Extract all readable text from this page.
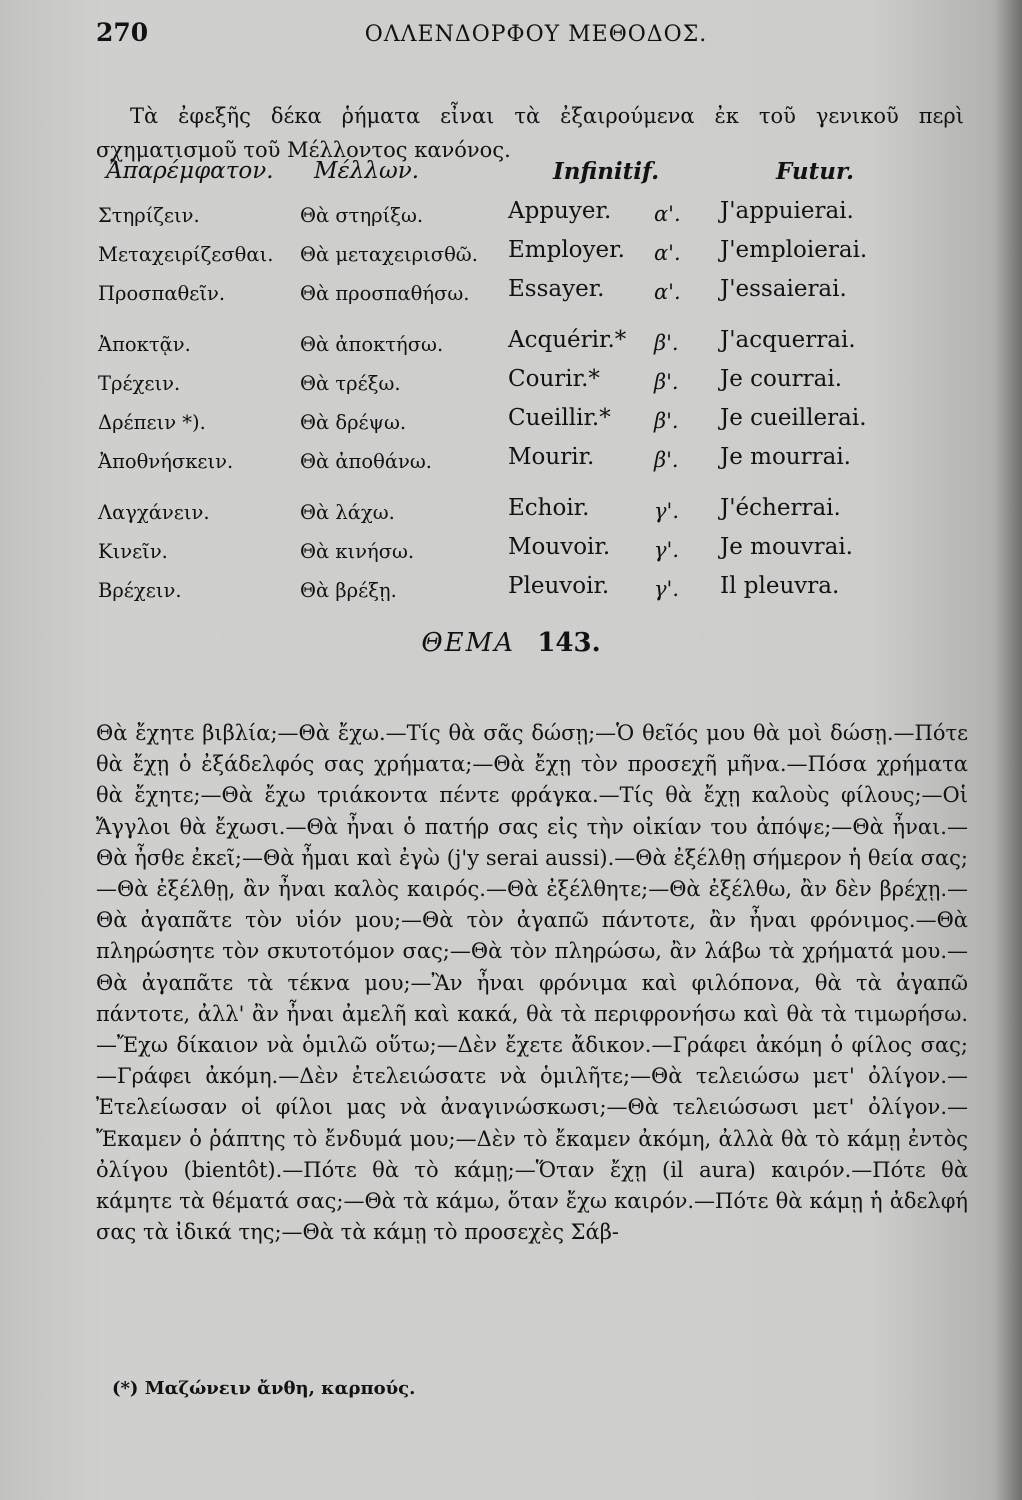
270	ΟΛΛΕΝΔΟΡΦΟΥ ΜΕΘΟΔΟΣ.

Τὰ ἐφεξῆς δέκα ῥήματα εἶναι τὰ ἐξαιρούμενα ἐκ τοῦ γενικοῦ περὶ σχηματισμοῦ τοῦ Μέλλοντος κανόνος.

Ἀπαρέμφατον. Μέλλων.	Infinitif.	Futur.
Στηρίζειν.	Θὰ στηρίξω.	Appuyer. α'. J'appuierai.
Μεταχειρίζεσθαι. Θὰ μεταχειρισθῶ. Employer. α'. J'emploierai.
Προσπαθεῖν.	Θὰ προσπαθήσω. Essayer. α'. J'essaierai.
Ἀποκτᾷν.	Θὰ ἀποκτήσω.	Acquérir.* β'. J'acquerrai.
Τρέχειν.	Θὰ τρέξω.	Courir.*	β'. Je courrai.
Δρέπειν *).	Θὰ δρέψω.	Cueillir.* β'. Je cueillerai.
Ἀποθνήσκειν.	Θὰ ἀποθάνω.	Mourir.	β'. Je mourrai.
Λαγχάνειν.	Θὰ λάχω.	Echoir.	γ'. J'écherrai.
Κινεῖν.	Θὰ κινήσω.	Mouvoir. γ'. Je mouvrai.
Βρέχειν.	Θὰ βρέξῃ.	Pleuvoir. γ'. Il pleuvra.
ΘΕΜΑ 143.

Θὰ ἔχητε βιβλία;—Θὰ ἔχω.—Τίς θὰ σᾶς δώσῃ;—Ὁ θεῖός μου θὰ μοὶ δώσῃ.—Πότε θὰ ἔχῃ ὁ ἐξάδελφός σας χρήματα;—Θὰ ἔχῃ τὸν προσεχῆ μῆνα.—Πόσα χρήματα θὰ ἔχητε;—Θὰ ἔχω τριάκοντα πέντε φράγκα.—Τίς θὰ ἔχῃ καλοὺς φίλους;—Οἱ Ἄγγλοι θὰ ἔχωσι.—Θὰ ἦναι ὁ πατήρ σας εἰς τὴν οἰκίαν του ἀπόψε;—Θὰ ἦναι.—Θὰ ἦσθε ἐκεῖ;—Θὰ ἦμαι καὶ ἐγὼ (j'y serai aussi).—Θὰ ἐξέλθῃ σήμερον ἡ θεία σας;—Θὰ ἐξέλθῃ, ἂν ἦναι καλὸς καιρός.—Θὰ ἐξέλθητε;—Θὰ ἐξέλθω, ἂν δὲν βρέχῃ.—Θὰ ἀγαπᾶτε τὸν υἱόν μου;—Θὰ τὸν ἀγαπῶ πάντοτε, ἂν ἦναι φρόνιμος.—Θὰ πληρώσητε τὸν σκυτοτόμον σας;—Θὰ τὸν πληρώσω, ἂν λάβω τὰ χρήματά μου.—Θὰ ἀγαπᾶτε τὰ τέκνα μου;—Ἂν ἦναι φρόνιμα καὶ φιλόπονα, θὰ τὰ ἀγαπῶ πάντοτε, ἀλλ' ἂν ἦναι ἀμελῆ καὶ κακά, θὰ τὰ περιφρονήσω καὶ θὰ τὰ τιμωρήσω.—Ἔχω δίκαιον νὰ ὁμιλῶ οὕτω;—Δὲν ἔχετε ἄδικον.—Γράφει ἀκόμη ὁ φίλος σας;—Γράφει ἀκόμη.—Δὲν ἐτελειώσατε νὰ ὁμιλῆτε;—Θὰ τελειώσω μετ' ὀλίγον.—Ἐτελείωσαν οἱ φίλοι μας νὰ ἀναγινώσκωσι;—Θὰ τελειώσωσι μετ' ὀλίγον.—Ἔκαμεν ὁ ῥάπτης τὸ ἔνδυμά μου;—Δὲν τὸ ἔκαμεν ἀκόμη, ἀλλὰ θὰ τὸ κάμῃ ἐντὸς ὀλίγου (bientôt).—Πότε θὰ τὸ κάμῃ;—Ὅταν ἔχῃ (il aura) καιρόν.—Πότε θὰ κάμητε τὰ θέματά σας;—Θὰ τὰ κάμω, ὅταν ἔχω καιρόν.—Πότε θὰ κάμῃ ἡ ἀδελφή σας τὰ ἰδικά της;—Θὰ τὰ κάμῃ τὸ προσεχὲς Σάβ-

(*) Μαζώνειν ἄνθη, καρπούς.
